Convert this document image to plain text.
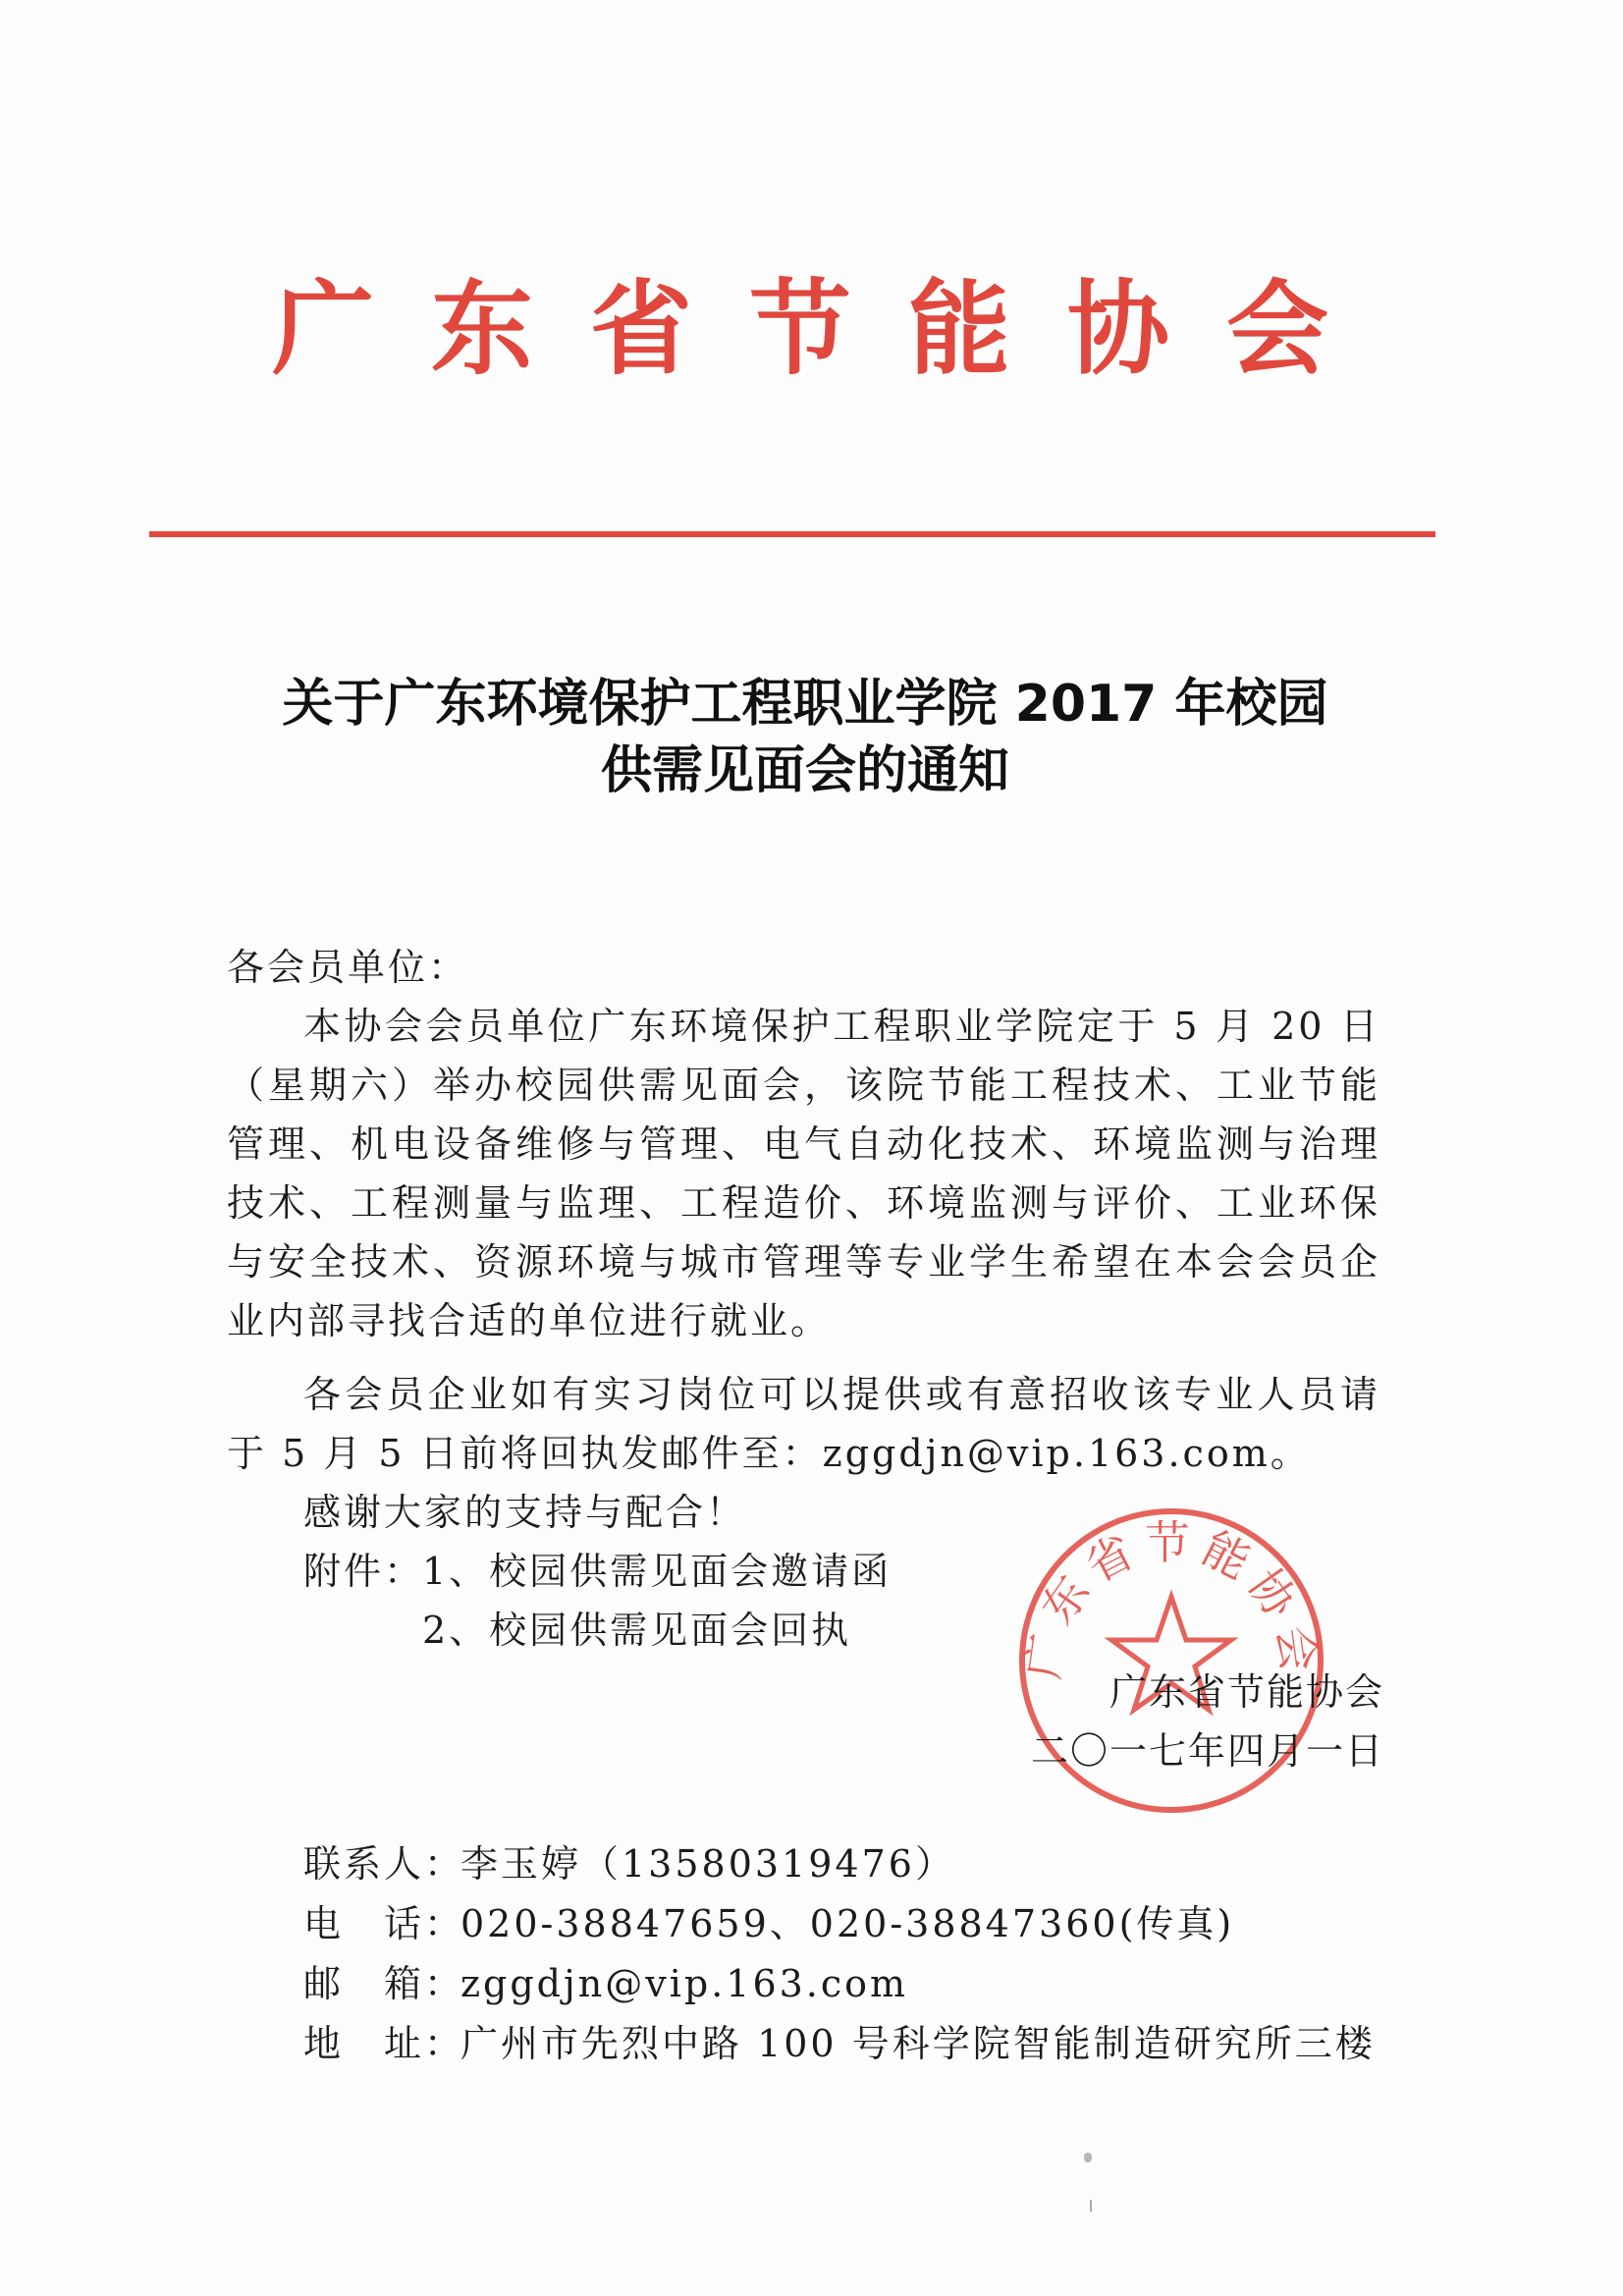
广东省节能协会
关于广东环境保护工程职业学院 2017 年校园
供需见面会的通知
各会员单位：
本协会会员单位广东环境保护工程职业学院定于 5 月 20 日（星期六）举办校园供需见面会，该院节能工程技术、工业节能管理、机电设备维修与管理、电气自动化技术、环境监测与治理技术、工程测量与监理、工程造价、环境监测与评价、工业环保与安全技术、资源环境与城市管理等专业学生希望在本会会员企业内部寻找合适的单位进行就业。
各会员企业如有实习岗位可以提供或有意招收该专业人员请于 5 月 5 日前将回执发邮件至：zggdjn@vip.163.com。
感谢大家的支持与配合！
附件：1、校园供需见面会邀请函
2、校园供需见面会回执	广东省节能协会
广东省节能协会
二〇一七年四月一日
联系人：李玉婷（13580319476）
电　话：020-38847659、020-38847360(传真)
邮　箱：zggdjn@vip.163.com
地　址：广州市先烈中路 100 号科学院智能制造研究所三楼
